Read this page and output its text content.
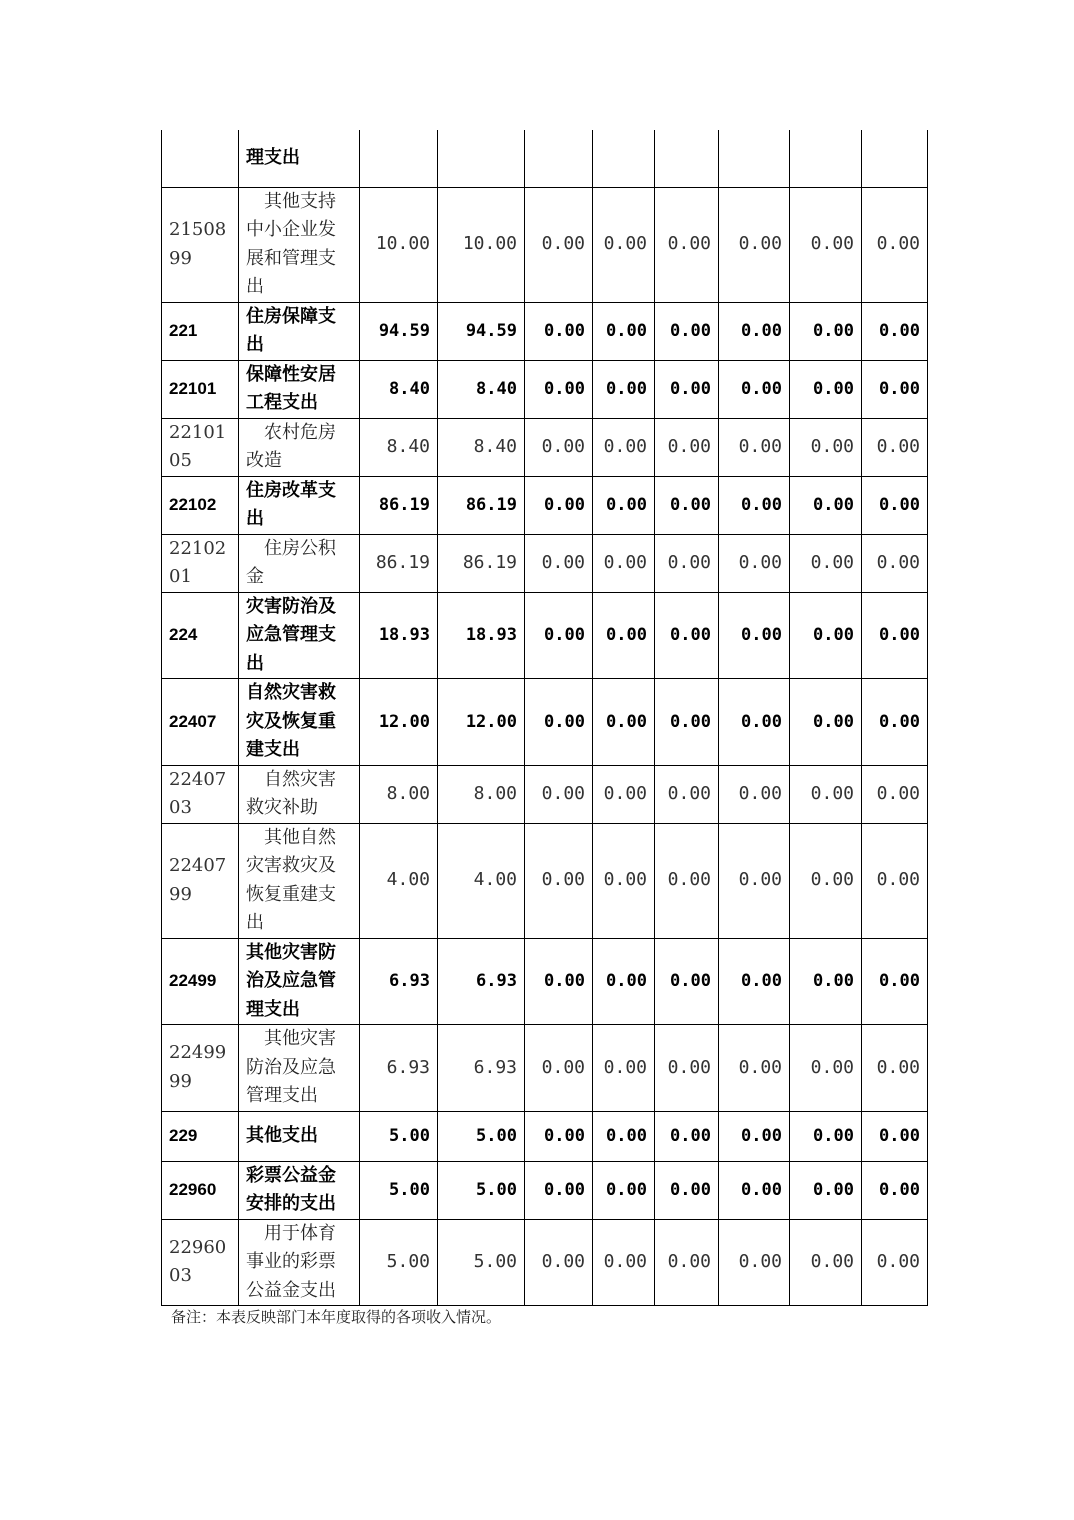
	理支出								
2150899	其他支持中小企业发展和管理支出	10.00	10.00	0.00	0.00	0.00	0.00	0.00	0.00
221	住房保障支出	94.59	94.59	0.00	0.00	0.00	0.00	0.00	0.00
22101	保障性安居工程支出	8.40	8.40	0.00	0.00	0.00	0.00	0.00	0.00
2210105	农村危房改造	8.40	8.40	0.00	0.00	0.00	0.00	0.00	0.00
22102	住房改革支出	86.19	86.19	0.00	0.00	0.00	0.00	0.00	0.00
2210201	住房公积金	86.19	86.19	0.00	0.00	0.00	0.00	0.00	0.00
224	灾害防治及应急管理支出	18.93	18.93	0.00	0.00	0.00	0.00	0.00	0.00
22407	自然灾害救灾及恢复重建支出	12.00	12.00	0.00	0.00	0.00	0.00	0.00	0.00
2240703	自然灾害救灾补助	8.00	8.00	0.00	0.00	0.00	0.00	0.00	0.00
2240799	其他自然灾害救灾及恢复重建支出	4.00	4.00	0.00	0.00	0.00	0.00	0.00	0.00
22499	其他灾害防治及应急管理支出	6.93	6.93	0.00	0.00	0.00	0.00	0.00	0.00
2249999	其他灾害防治及应急管理支出	6.93	6.93	0.00	0.00	0.00	0.00	0.00	0.00
229	其他支出	5.00	5.00	0.00	0.00	0.00	0.00	0.00	0.00
22960	彩票公益金安排的支出	5.00	5.00	0.00	0.00	0.00	0.00	0.00	0.00
2296003	用于体育事业的彩票公益金支出	5.00	5.00	0.00	0.00	0.00	0.00	0.00	0.00
备注：本表反映部门本年度取得的各项收入情况。
